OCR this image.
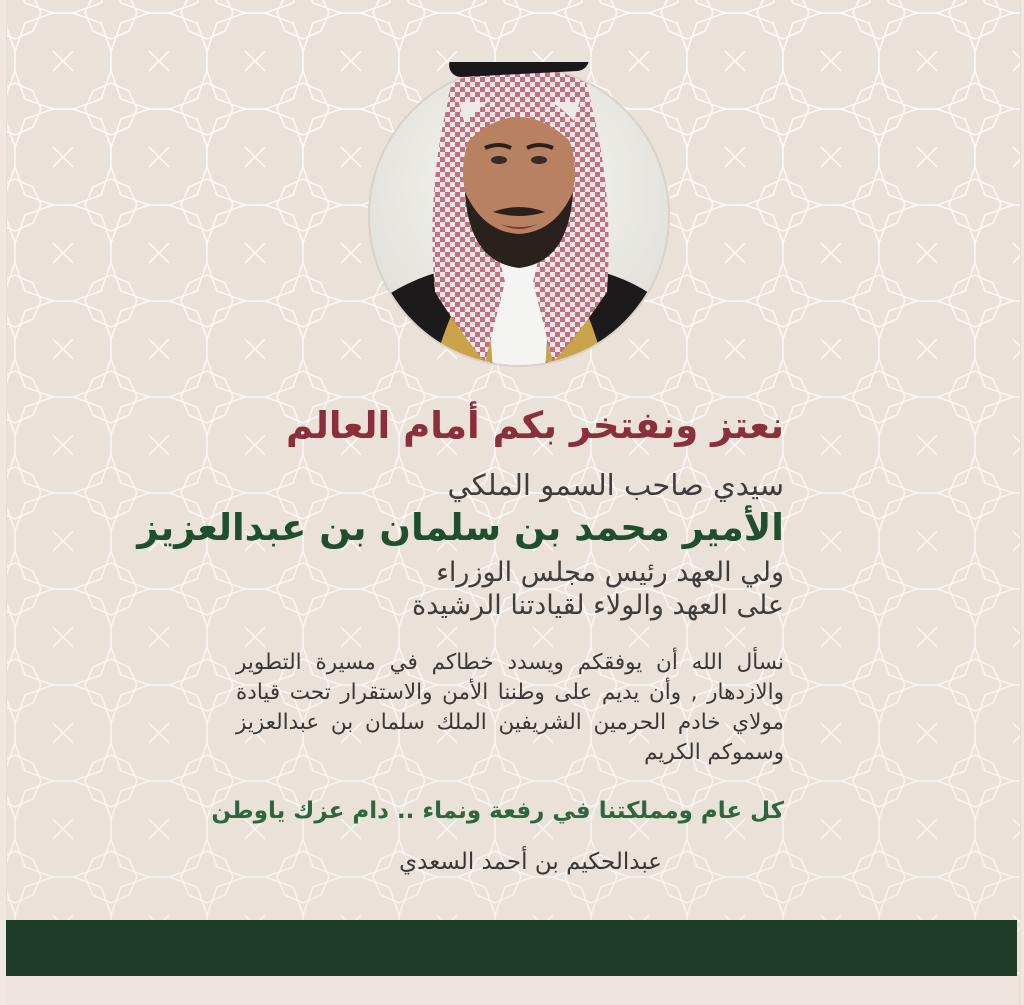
نعتز ونفتخر بكم أمام العالم

سيدي صاحب السمو الملكي

الأمير محمد بن سلمان بن عبدالعزيز

ولي العهد رئيس مجلس الوزراء

على العهد والولاء لقيادتنا الرشيدة

نسأل الله أن يوفقكم ويسدد خطاكم في مسيرة التطوير والازدهار , وأن يديم على وطننا الأمن والاستقرار تحت قيادة مولاي خادم الحرمين الشريفين الملك سلمان بن عبدالعزيز وسموكم الكريم

كل عام ومملكتنا في رفعة ونماء .. دام عزك ياوطن

عبدالحكيم بن أحمد السعدي
